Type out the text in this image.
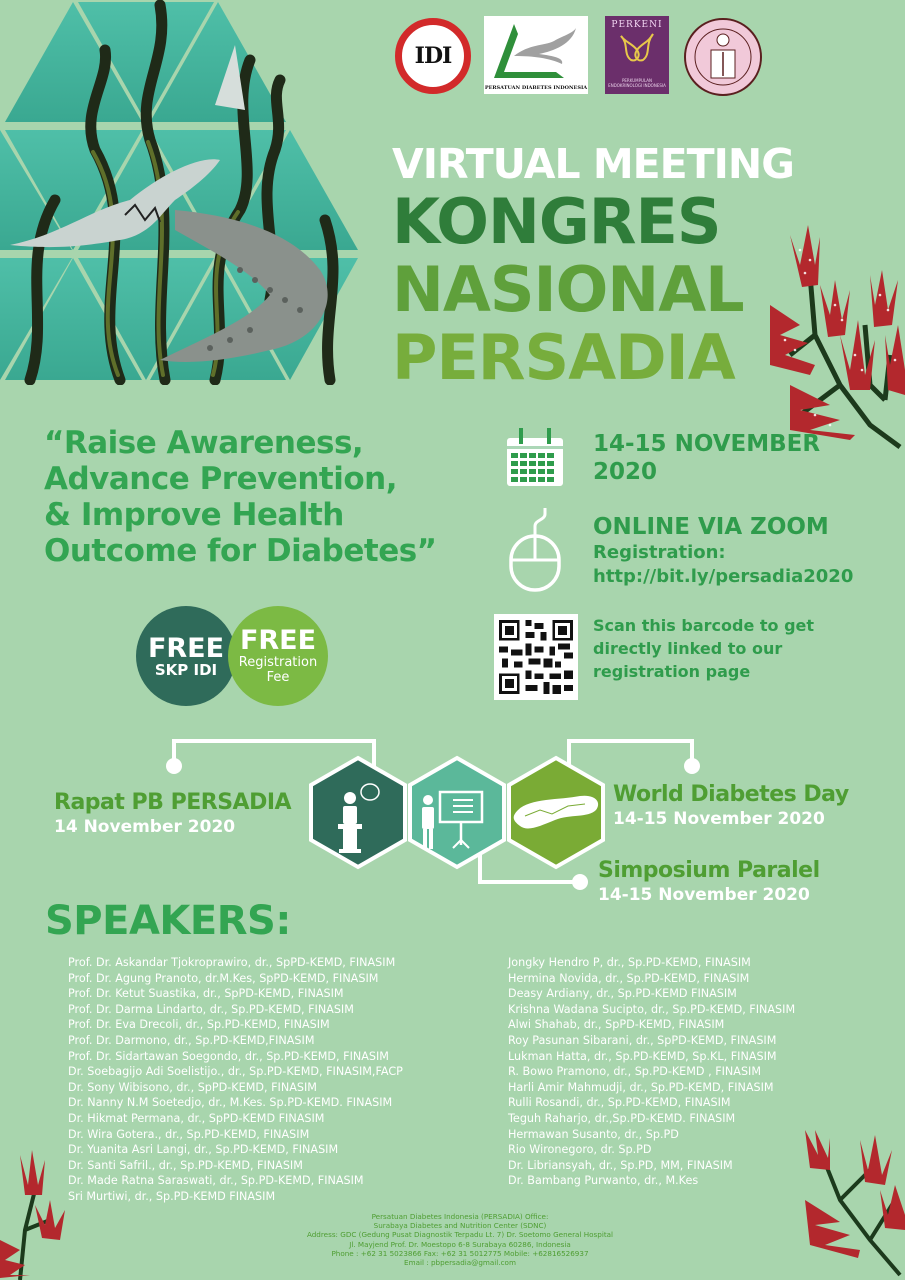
IDI
PERSATUAN DIABETES INDONESIA
PERKENI
PERKUMPULAN ENDOKRINOLOGI INDONESIA
VIRTUAL MEETING
KONGRES
NASIONAL
PERSADIA
“Raise Awareness,
Advance Prevention,
& Improve Health
Outcome for Diabetes”
14-15 NOVEMBER
2020
ONLINE VIA ZOOM
Registration:
http://bit.ly/persadia2020
Scan this barcode to get
directly linked to our
registration page
FREE
SKP IDI
FREE
Registration
Fee
Rapat PB PERSADIA
14 November 2020
World Diabetes Day
14-15 November 2020
Simposium Paralel
14-15 November 2020
SPEAKERS:
Prof. Dr. Askandar Tjokroprawiro, dr., SpPD-KEMD, FINASIM
Prof. Dr. Agung Pranoto, dr.M.Kes, SpPD-KEMD, FINASIM
Prof. Dr. Ketut Suastika, dr., SpPD-KEMD, FINASIM
Prof. Dr. Darma Lindarto, dr., Sp.PD-KEMD, FINASIM
Prof. Dr. Eva Drecoli, dr., Sp.PD-KEMD, FINASIM
Prof. Dr. Darmono, dr., Sp.PD-KEMD,FINASIM
Prof. Dr. Sidartawan Soegondo, dr., Sp.PD-KEMD, FINASIM
Dr. Soebagijo Adi Soelistijo., dr., Sp.PD-KEMD, FINASIM,FACP
Dr. Sony Wibisono, dr., SpPD-KEMD, FINASIM
Dr. Nanny N.M Soetedjo, dr., M.Kes. Sp.PD-KEMD. FINASIM
Dr. Hikmat Permana, dr., SpPD-KEMD FINASIM
Dr. Wira Gotera., dr., Sp.PD-KEMD, FINASIM
Dr. Yuanita Asri Langi, dr., Sp.PD-KEMD, FINASIM
Dr. Santi Safril., dr., Sp.PD-KEMD, FINASIM
Dr. Made Ratna Saraswati, dr., Sp.PD-KEMD, FINASIM
Sri Murtiwi, dr., Sp.PD-KEMD FINASIM
Jongky Hendro P, dr., Sp.PD-KEMD, FINASIM
Hermina Novida, dr., Sp.PD-KEMD, FINASIM
Deasy Ardiany, dr., Sp.PD-KEMD FINASIM
Krishna Wadana Sucipto, dr., Sp.PD-KEMD, FINASIM
Alwi Shahab, dr., SpPD-KEMD, FINASIM
Roy Pasunan Sibarani, dr., SpPD-KEMD, FINASIM
Lukman Hatta, dr., Sp.PD-KEMD, Sp.KL, FINASIM
R. Bowo Pramono, dr., Sp.PD-KEMD , FINASIM
Harli Amir Mahmudji, dr., Sp.PD-KEMD, FINASIM
Rulli Rosandi, dr., Sp.PD-KEMD, FINASIM
Teguh Raharjo, dr.,Sp.PD-KEMD. FINASIM
Hermawan Susanto, dr., Sp.PD
Rio Wironegoro, dr. Sp.PD
Dr. Libriansyah, dr., Sp.PD, MM, FINASIM
Dr. Bambang Purwanto, dr., M.Kes
Persatuan Diabetes Indonesia (PERSADIA) Office:
Surabaya Diabetes and Nutrition Center (SDNC)
Address: GDC (Gedung Pusat Diagnostik Terpadu Lt. 7) Dr. Soetomo General Hospital
Jl. Mayjend Prof. Dr. Moestopo 6-8 Surabaya 60286, Indonesia
Phone : +62 31 5023866 Fax: +62 31 5012775 Mobile: +62816526937
Email : pbpersadia@gmail.com
